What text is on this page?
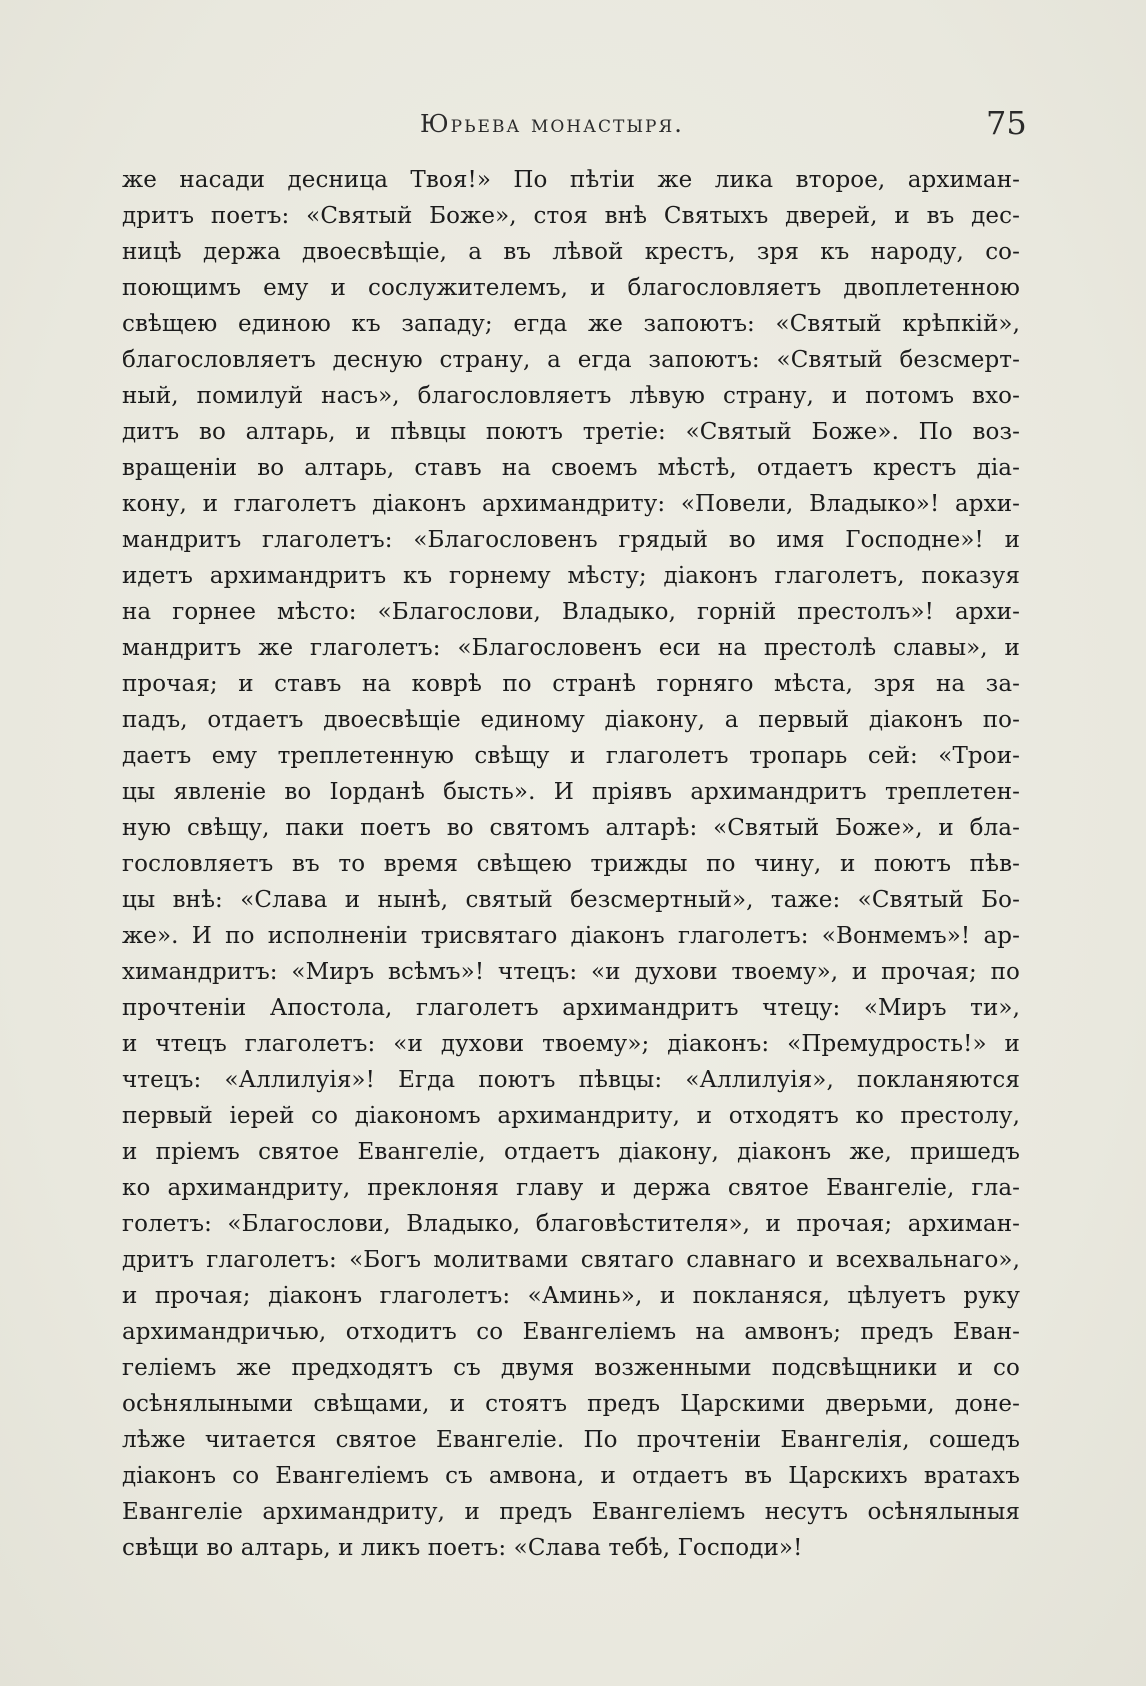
Юрьева монастыря.	75
же насади десница Твоя!» По пѣтіи же лика второе, архиман-
дритъ поетъ: «Святый Боже», стоя внѣ Святыхъ дверей, и въ дес-
ницѣ держа двоесвѣщіе, а въ лѣвой крестъ, зря къ народу, со-
поющимъ ему и сослужителемъ, и благословляетъ двоплетенною
свѣщею единою къ западу; егда же запоютъ: «Святый крѣпкій»,
благословляетъ десную страну, а егда запоютъ: «Святый безсмерт-
ный, помилуй насъ», благословляетъ лѣвую страну, и потомъ вхо-
дитъ во алтарь, и пѣвцы поютъ третіе: «Святый Боже». По воз-
вращеніи во алтарь, ставъ на своемъ мѣстѣ, отдаетъ крестъ діа-
кону, и глаголетъ діаконъ архимандриту: «Повели, Владыко»! архи-
мандритъ глаголетъ: «Благословенъ грядый во имя Господне»! и
идетъ архимандритъ къ горнему мѣсту; діаконъ глаголетъ, показуя
на горнее мѣсто: «Благослови, Владыко, горній престолъ»! архи-
мандритъ же глаголетъ: «Благословенъ еси на престолѣ славы», и
прочая; и ставъ на коврѣ по странѣ горняго мѣста, зря на за-
падъ, отдаетъ двоесвѣщіе единому діакону, а первый діаконъ по-
даетъ ему треплетенную свѣщу и глаголетъ тропарь сей: «Трои-
цы явленіе во Іорданѣ бысть». И пріявъ архимандритъ треплетен-
ную свѣщу, паки поетъ во святомъ алтарѣ: «Святый Боже», и бла-
гословляетъ въ то время свѣщею трижды по чину, и поютъ пѣв-
цы внѣ: «Слава и нынѣ, святый безсмертный», таже: «Святый Бо-
же». И по исполненіи трисвятаго діаконъ глаголетъ: «Вонмемъ»! ар-
химандритъ: «Миръ всѣмъ»! чтецъ: «и духови твоему», и прочая; по
прочтеніи Апостола, глаголетъ архимандритъ чтецу: «Миръ ти»,
и чтецъ глаголетъ: «и духови твоему»; діаконъ: «Премудрость!» и
чтецъ: «Аллилуія»! Егда поютъ пѣвцы: «Аллилуія», покланяются
первый іерей со діакономъ архимандриту, и отходятъ ко престолу,
и пріемъ святое Евангеліе, отдаетъ діакону, діаконъ же, пришедъ
ко архимандриту, преклоняя главу и держа святое Евангеліе, гла-
голетъ: «Благослови, Владыко, благовѣстителя», и прочая; архиман-
дритъ глаголетъ: «Богъ молитвами святаго славнаго и всехвальнаго»,
и прочая; діаконъ глаголетъ: «Аминь», и покланяся, цѣлуетъ руку
архимандричью, отходитъ со Евангеліемъ на амвонъ; предъ Еван-
геліемъ же предходятъ съ двумя возженными подсвѣщники и со
осѣнялыными свѣщами, и стоятъ предъ Царскими дверьми, доне-
лѣже читается святое Евангеліе. По прочтеніи Евангелія, сошедъ
діаконъ со Евангеліемъ съ амвона, и отдаетъ въ Царскихъ вратахъ
Евангеліе архимандриту, и предъ Евангеліемъ несутъ осѣнялыныя
свѣщи во алтарь, и ликъ поетъ: «Слава тебѣ, Господи»!
